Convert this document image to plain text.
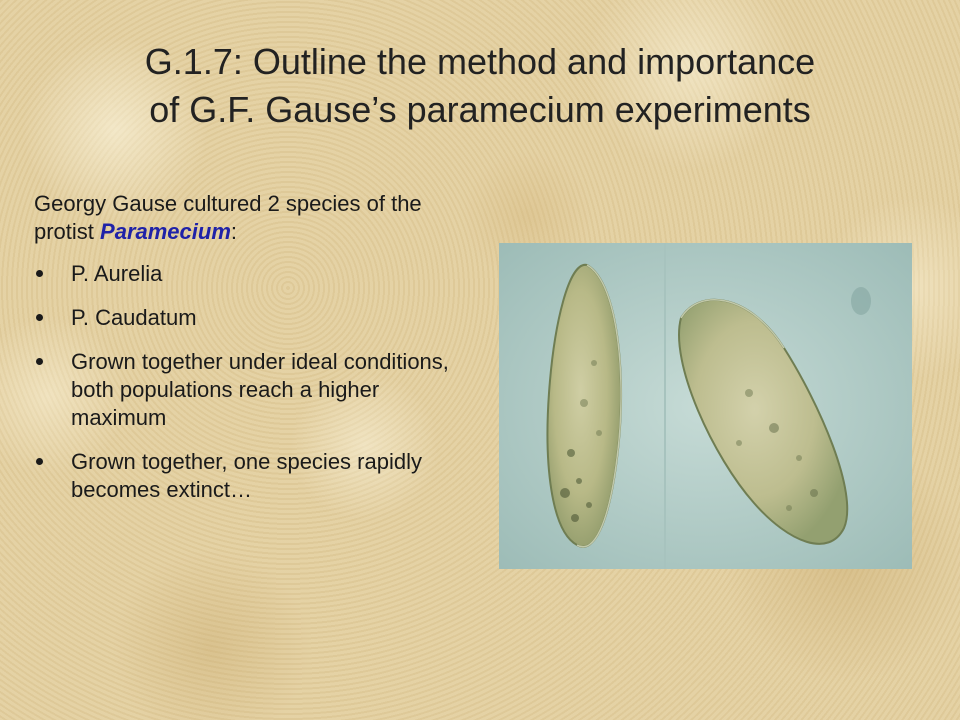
G.1.7: Outline the method and importance
of G.F. Gause’s paramecium experiments

Georgy Gause cultured 2 species of the protist Paramecium:

P. Aurelia
P. Caudatum
Grown together under ideal conditions, both populations reach a higher maximum
Grown together, one species rapidly becomes extinct…
